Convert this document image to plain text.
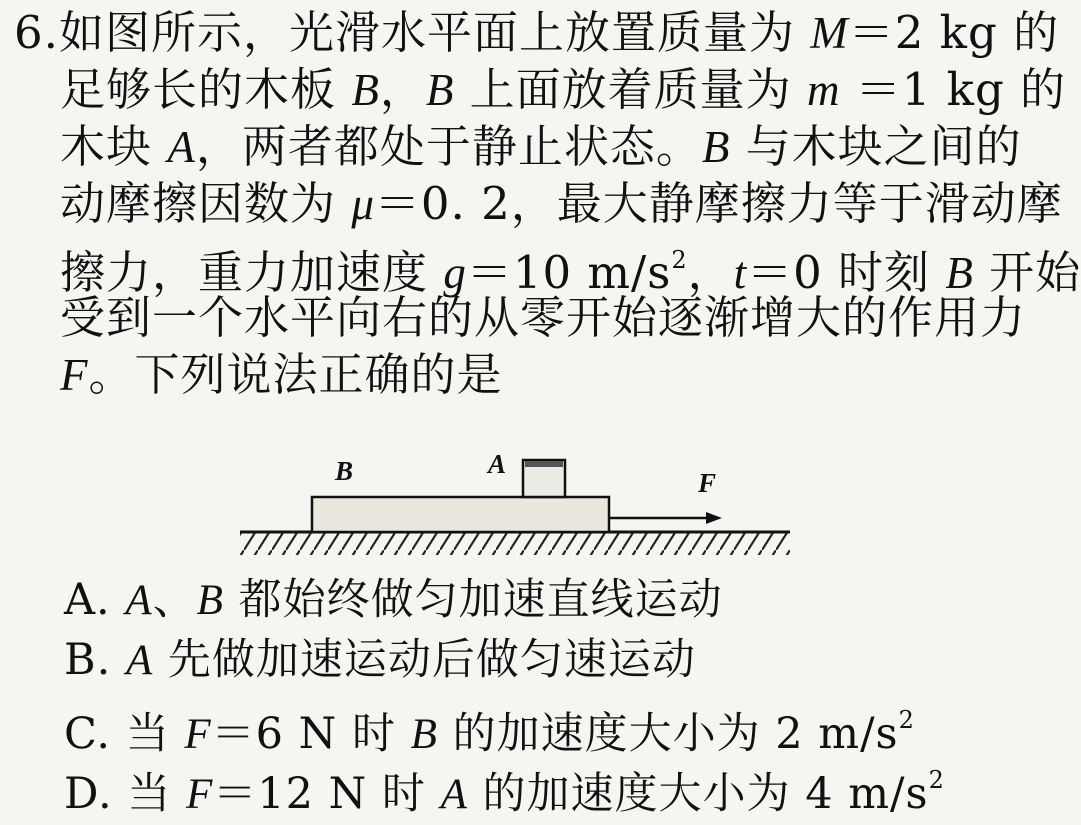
6.如图所示，光滑水平面上放置质量为 M＝2 kg 的
足够长的木板 B，B 上面放着质量为 m ＝1 kg 的
木块 A，两者都处于静止状态。B 与木块之间的
动摩擦因数为 μ＝0. 2，最大静摩擦力等于滑动摩
擦力，重力加速度 g＝10 $m/s^2$，t＝0 时刻 B 开始
受到一个水平向右的从零开始逐渐增大的作用力
F。下列说法正确的是
B	A
F
A. A、B 都始终做匀加速直线运动
B. A 先做加速运动后做匀速运动
C. 当 F＝6 N 时 B 的加速度大小为 2 $m/s^2$
D. 当 F＝12 N 时 A 的加速度大小为 4 $m/s^2$
